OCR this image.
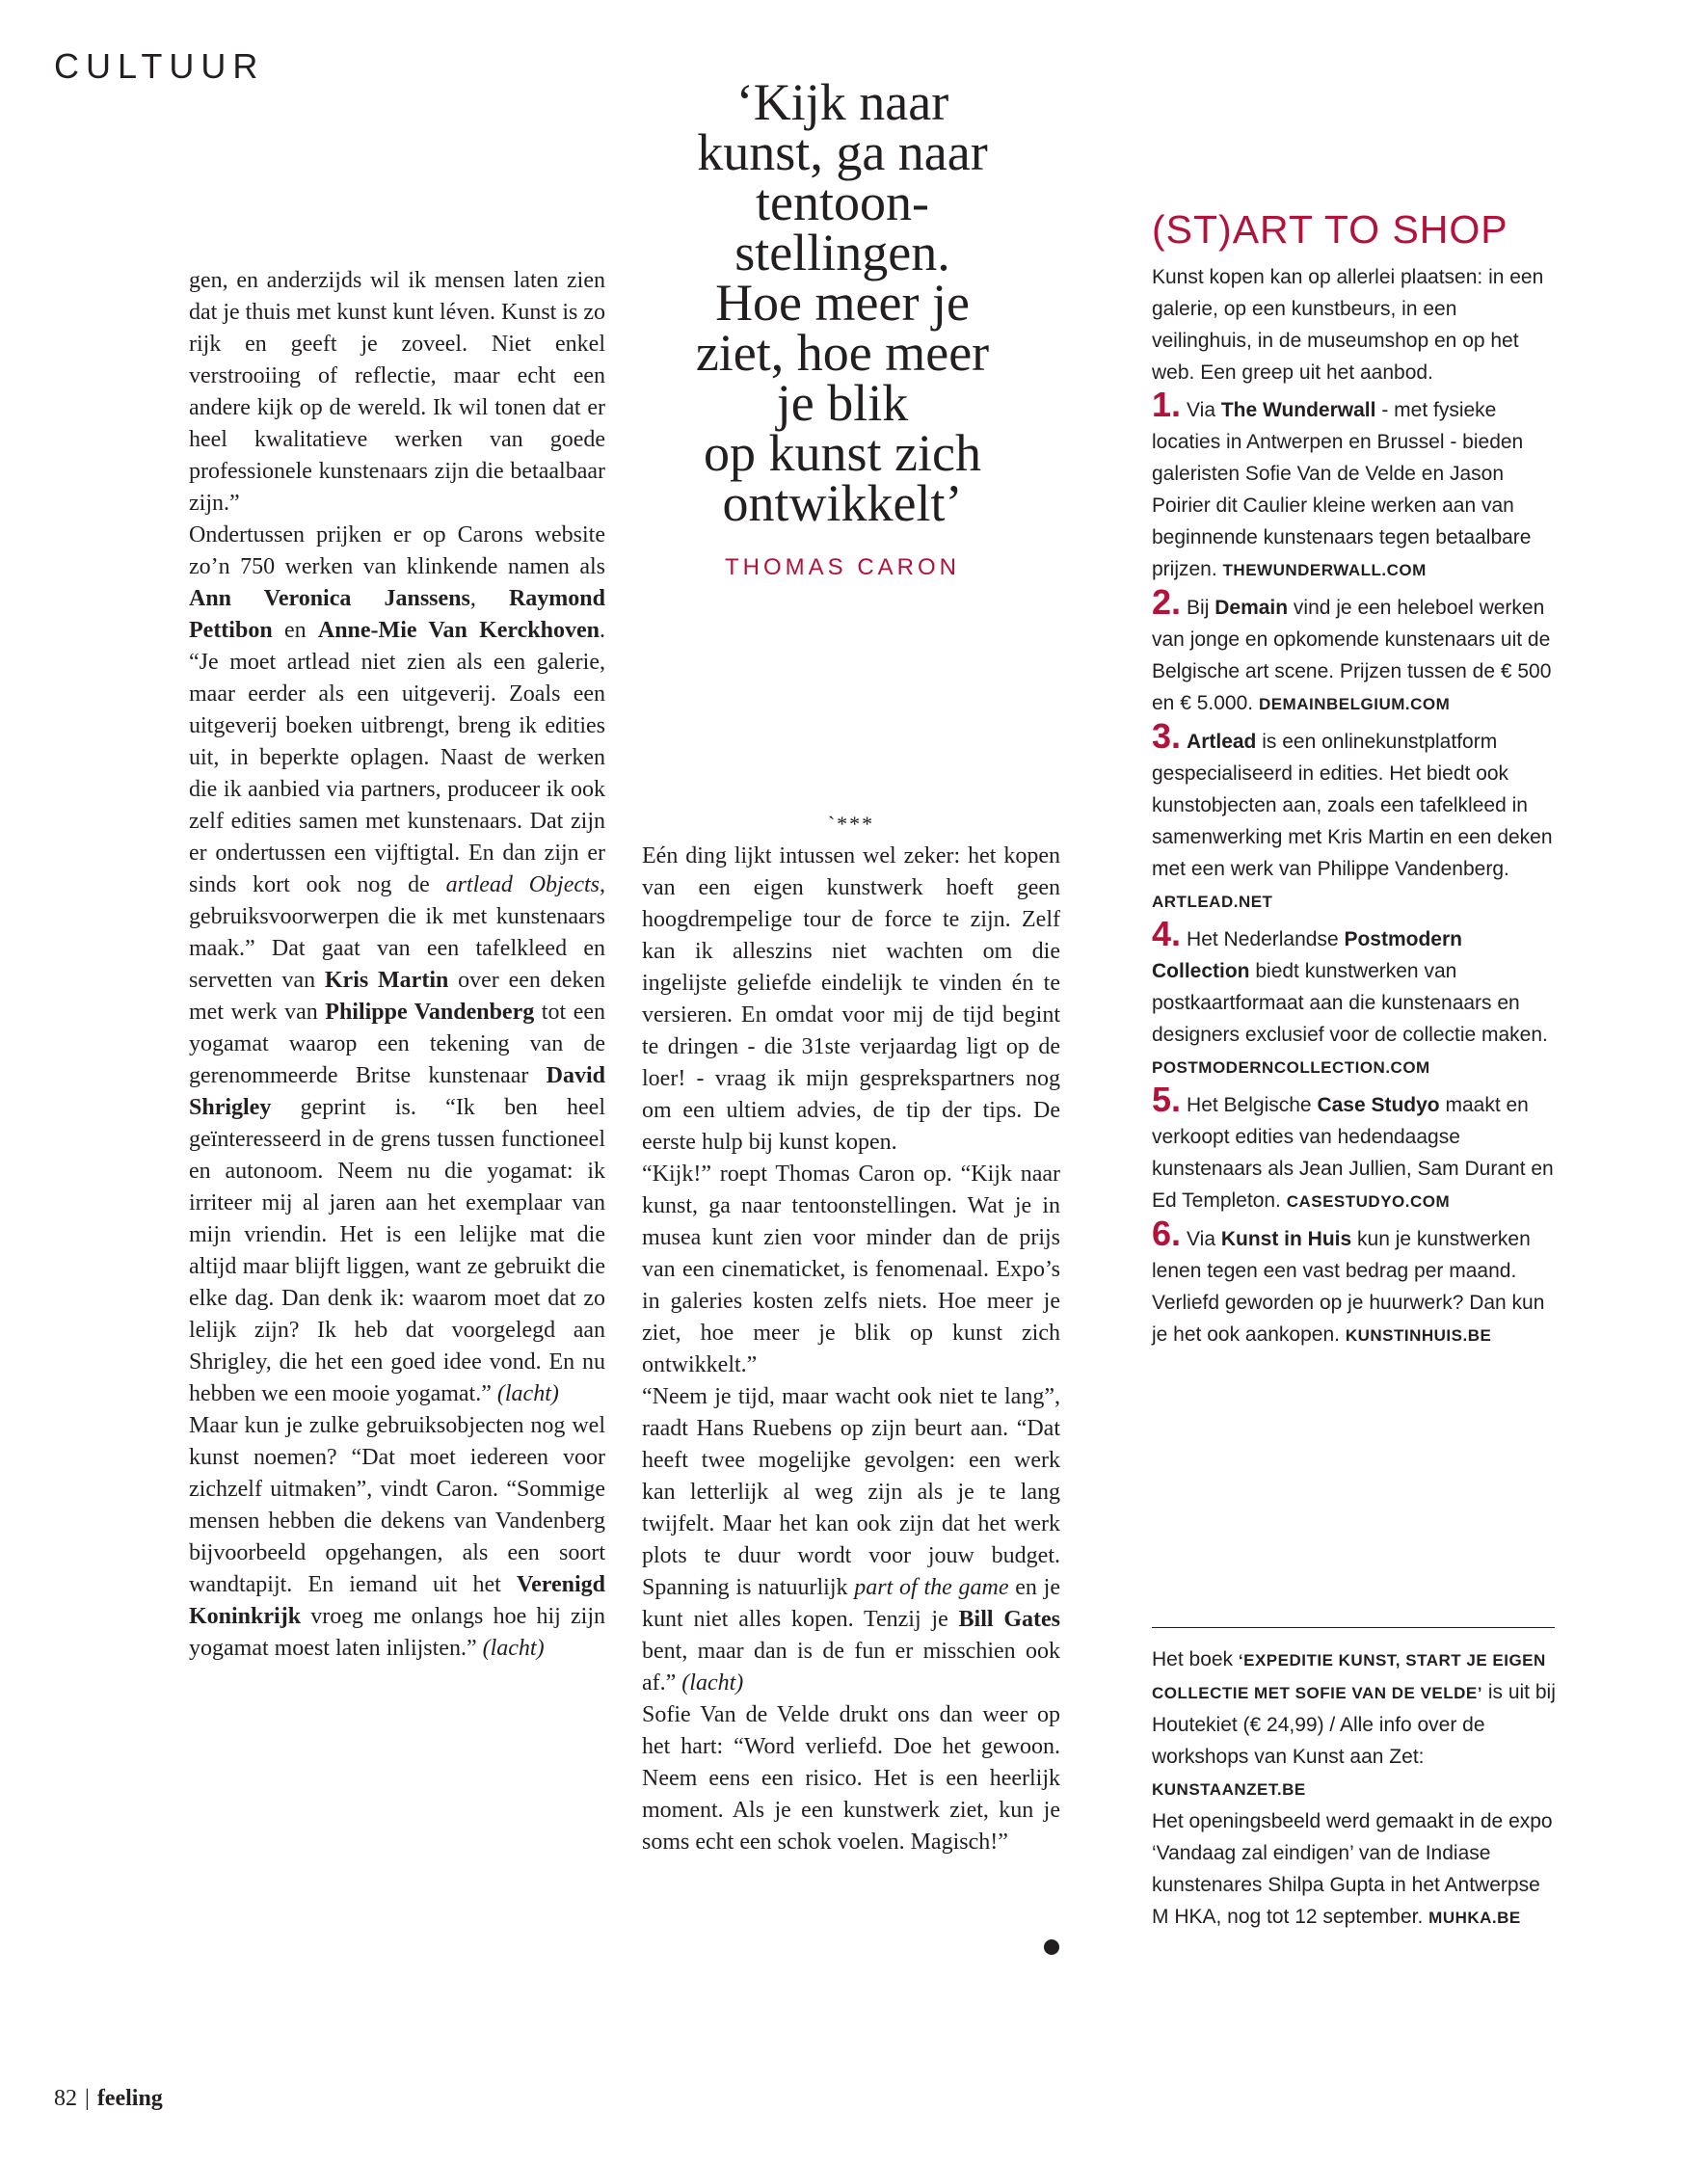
CULTUUR
‘Kijk naar
kunst, ga naar
tentoon-
stellingen.
Hoe meer je
ziet, hoe meer
je blik
op kunst zich
ontwikkelt’
THOMAS CARON

gen, en anderzijds wil ik mensen laten zien dat je thuis met kunst kunt léven. Kunst is zo rijk en geeft je zoveel. Niet enkel verstrooiing of reflectie, maar echt een andere kijk op de wereld. Ik wil tonen dat er heel kwalitatieve werken van goede professionele kunstenaars zijn die betaalbaar zijn.”

Ondertussen prijken er op Carons website zo’n 750 werken van klinkende namen als Ann Veronica Janssens, Raymond Pettibon en Anne-Mie Van Kerckhoven. “Je moet artlead niet zien als een galerie, maar eerder als een uitgeverij. Zoals een uitgeverij boeken uitbrengt, breng ik edities uit, in beperkte oplagen. Naast de werken die ik aanbied via partners, produceer ik ook zelf edities samen met kunstenaars. Dat zijn er ondertussen een vijftigtal. En dan zijn er sinds kort ook nog de artlead Objects, gebruiksvoorwerpen die ik met kunstenaars maak.” Dat gaat van een tafelkleed en servetten van Kris Martin over een deken met werk van Philippe Vandenberg tot een yogamat waarop een tekening van de gerenommeerde Britse kunstenaar David Shrigley geprint is. “Ik ben heel geïnteresseerd in de grens tussen functioneel en autonoom. Neem nu die yogamat: ik irriteer mij al jaren aan het exemplaar van mijn vriendin. Het is een lelijke mat die altijd maar blijft liggen, want ze gebruikt die elke dag. Dan denk ik: waarom moet dat zo lelijk zijn? Ik heb dat voorgelegd aan Shrigley, die het een goed idee vond. En nu hebben we een mooie yogamat.” (lacht)

Maar kun je zulke gebruiksobjecten nog wel kunst noemen? “Dat moet iedereen voor zichzelf uitmaken”, vindt Caron. “Sommige mensen hebben die dekens van Vandenberg bijvoorbeeld opgehangen, als een soort wandtapijt. En iemand uit het Verenigd Koninkrijk vroeg me onlangs hoe hij zijn yogamat moest laten inlijsten.” (lacht)

`***

Eén ding lijkt intussen wel zeker: het kopen van een eigen kunstwerk hoeft geen hoogdrempelige tour de force te zijn. Zelf kan ik alleszins niet wachten om die ingelijste geliefde eindelijk te vinden én te versieren. En omdat voor mij de tijd begint te dringen - die 31ste verjaardag ligt op de loer! - vraag ik mijn gesprekspartners nog om een ultiem advies, de tip der tips. De eerste hulp bij kunst kopen.

“Kijk!” roept Thomas Caron op. “Kijk naar kunst, ga naar tentoonstellingen. Wat je in musea kunt zien voor minder dan de prijs van een cinematicket, is fenomenaal. Expo’s in galeries kosten zelfs niets. Hoe meer je ziet, hoe meer je blik op kunst zich ontwikkelt.”

“Neem je tijd, maar wacht ook niet te lang”, raadt Hans Ruebens op zijn beurt aan. “Dat heeft twee mogelijke gevolgen: een werk kan letterlijk al weg zijn als je te lang twijfelt. Maar het kan ook zijn dat het werk plots te duur wordt voor jouw budget. Spanning is natuurlijk part of the game en je kunt niet alles kopen. Tenzij je Bill Gates bent, maar dan is de fun er misschien ook af.” (lacht)

Sofie Van de Velde drukt ons dan weer op het hart: “Word verliefd. Doe het gewoon. Neem eens een risico. Het is een heerlijk moment. Als je een kunstwerk ziet, kun je soms echt een schok voelen. Magisch!”

(ST)ART TO SHOP

Kunst kopen kan op allerlei plaatsen: in een galerie, op een kunstbeurs, in een veilinghuis, in de museumshop en op het web. Een greep uit het aanbod.

1. Via The Wunderwall - met fysieke locaties in Antwerpen en Brussel - bieden galeristen Sofie Van de Velde en Jason Poirier dit Caulier kleine werken aan van beginnende kunstenaars tegen betaalbare prijzen. THEWUNDERWALL.COM

2. Bij Demain vind je een heleboel werken van jonge en opkomende kunstenaars uit de Belgische art scene. Prijzen tussen de € 500 en € 5.000. DEMAINBELGIUM.COM

3. Artlead is een onlinekunstplatform gespecialiseerd in edities. Het biedt ook kunstobjecten aan, zoals een tafelkleed in samenwerking met Kris Martin en een deken met een werk van Philippe Vandenberg. ARTLEAD.NET

4. Het Nederlandse Postmodern Collection biedt kunstwerken van postkaartformaat aan die kunstenaars en designers exclusief voor de collectie maken. POSTMODERNCOLLECTION.COM

5. Het Belgische Case Studyo maakt en verkoopt edities van hedendaagse kunstenaars als Jean Jullien, Sam Durant en Ed Templeton. CASESTUDYO.COM

6. Via Kunst in Huis kun je kunstwerken lenen tegen een vast bedrag per maand. Verliefd geworden op je huurwerk? Dan kun je het ook aankopen. KUNSTINHUIS.BE

Het boek ‘EXPEDITIE KUNST, START JE EIGEN COLLECTIE MET SOFIE VAN DE VELDE’ is uit bij Houtekiet (€ 24,99) / Alle info over de workshops van Kunst aan Zet: KUNSTAANZET.BE

Het openingsbeeld werd gemaakt in de expo ‘Vandaag zal eindigen’ van de Indiase kunstenares Shilpa Gupta in het Antwerpse M HKA, nog tot 12 september. MUHKA.BE

82 | feeling
